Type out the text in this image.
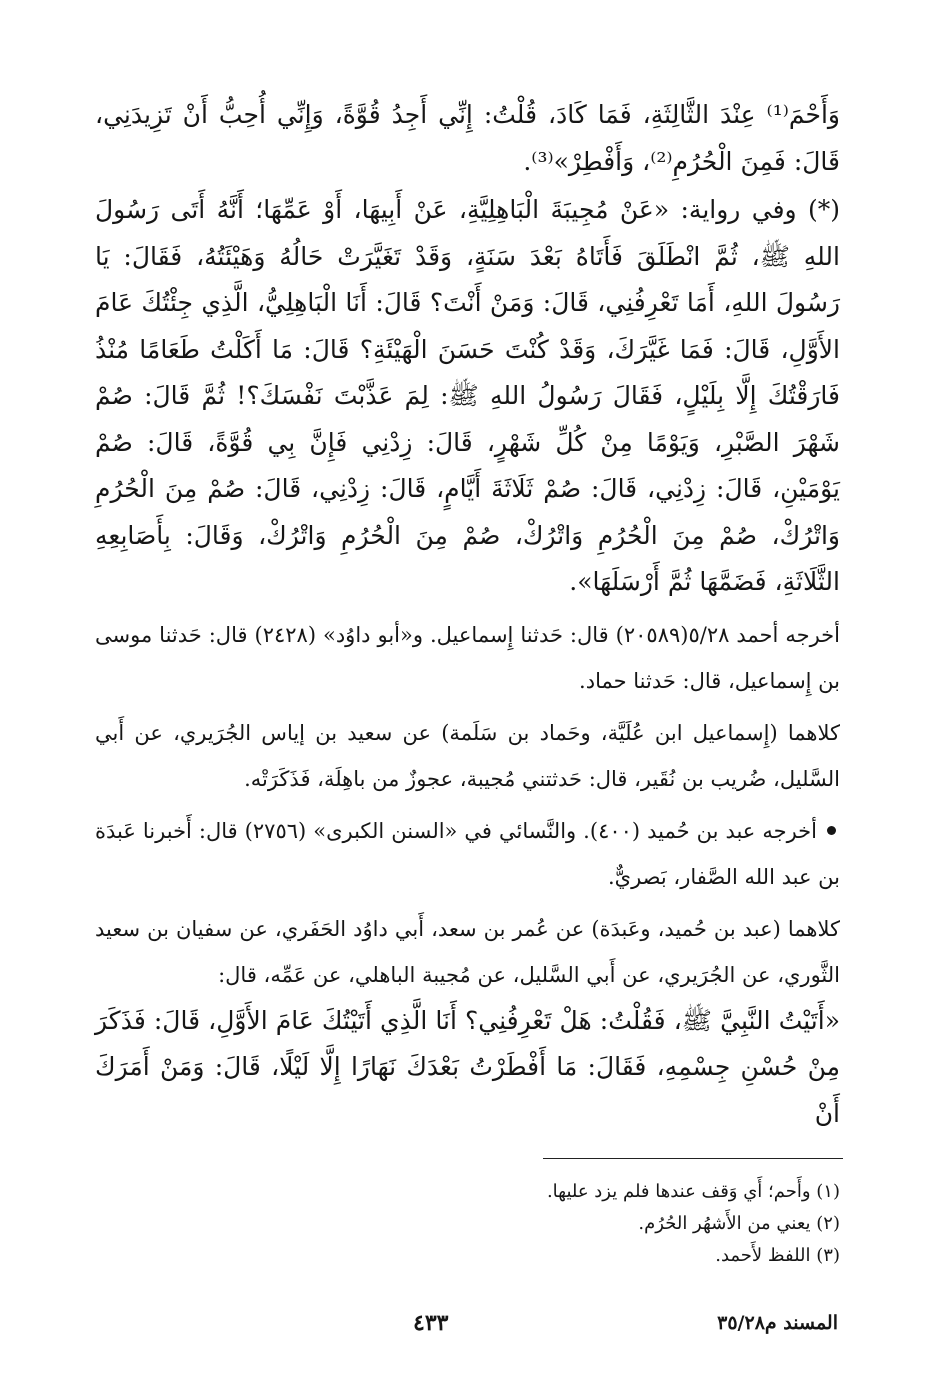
وَأَحْمَ⁽¹⁾ عِنْدَ الثَّالِثَةِ، فَمَا كَادَ، قُلْتُ: إِنِّي أَجِدُ قُوَّةً، وَإِنِّي أُحِبُّ أَنْ تَزِيدَنِي، قَالَ: فَمِنَ الْحُرُمِ⁽²⁾، وَأَفْطِرْ»⁽³⁾.

(*) وفي رواية: «عَنْ مُجِيبَةَ الْبَاهِلِيَّةِ، عَنْ أَبِيهَا، أَوْ عَمِّهَا؛ أَنَّهُ أَتَى رَسُولَ اللهِ ﷺ، ثُمَّ انْطَلَقَ فَأَتَاهُ بَعْدَ سَنَةٍ، وَقَدْ تَغَيَّرَتْ حَالُهُ وَهَيْئَتُهُ، فَقَالَ: يَا رَسُولَ اللهِ، أَمَا تَعْرِفُنِي، قَالَ: وَمَنْ أَنْتَ؟ قَالَ: أَنَا الْبَاهِلِيُّ، الَّذِي جِئْتُكَ عَامَ الأَوَّلِ، قَالَ: فَمَا غَيَّرَكَ، وَقَدْ كُنْتَ حَسَنَ الْهَيْئَةِ؟ قَالَ: مَا أَكَلْتُ طَعَامًا مُنْذُ فَارَقْتُكَ إِلَّا بِلَيْلٍ، فَقَالَ رَسُولُ اللهِ ﷺ: لِمَ عَذَّبْتَ نَفْسَكَ؟! ثُمَّ قَالَ: صُمْ شَهْرَ الصَّبْرِ، وَيَوْمًا مِنْ كُلِّ شَهْرٍ، قَالَ: زِدْنِي فَإِنَّ بِي قُوَّةً، قَالَ: صُمْ يَوْمَيْنِ، قَالَ: زِدْنِي، قَالَ: صُمْ ثَلَاثَةَ أَيَّامٍ، قَالَ: زِدْنِي، قَالَ: صُمْ مِنَ الْحُرُمِ وَاتْرُكْ، صُمْ مِنَ الْحُرُمِ وَاتْرُكْ، صُمْ مِنَ الْحُرُمِ وَاتْرُكْ، وَقَالَ: بِأَصَابِعِهِ الثَّلَاثَةِ، فَضَمَّهَا ثُمَّ أَرْسَلَهَا».

أخرجه أحمد ٥/٢٨(٢٠٥٨٩) قال: حَدثنا إِسماعيل. و«أبو داوُد» (٢٤٢٨) قال: حَدثنا موسى بن إِسماعيل، قال: حَدثنا حماد.

كلاهما (إِسماعيل ابن عُلَيَّة، وحَماد بن سَلَمة) عن سعيد بن إياس الجُرَيري، عن أَبي السَّليل، ضُريب بن نُقَير، قال: حَدثتني مُجيبة، عجوزٌ من باهِلَة، فَذَكَرَتْه.

أخرجه عبد بن حُميد (٤٠٠). والنَّسائي في «السنن الكبرى» (٢٧٥٦) قال: أَخبرنا عَبدَة بن عبد الله الصَّفار، بَصريٌّ.

كلاهما (عبد بن حُميد، وعَبدَة) عن عُمر بن سعد، أَبي داوُد الحَفَري، عن سفيان بن سعيد الثَّوري، عن الجُرَيري، عن أَبي السَّليل، عن مُجيبة الباهلي، عن عَمِّه، قال:

«أَتَيْتُ النَّبِيَّ ﷺ، فَقُلْتُ: هَلْ تَعْرِفُنِي؟ أَنَا الَّذِي أَتَيْتُكَ عَامَ الأَوَّلِ، قَالَ: فَذَكَرَ مِنْ حُسْنِ جِسْمِهِ، فَقَالَ: مَا أَفْطَرْتُ بَعْدَكَ نَهَارًا إِلَّا لَيْلًا، قَالَ: وَمَنْ أَمَرَكَ أَنْ

(١) وأَحم؛ أَي وَقف عندها فلم يزد عليها.

(٢) يعني من الأَشهُر الحُرُم.

(٣) اللفظ لأَحمد.

المسند م٣٥/٢٨
٤٣٣
